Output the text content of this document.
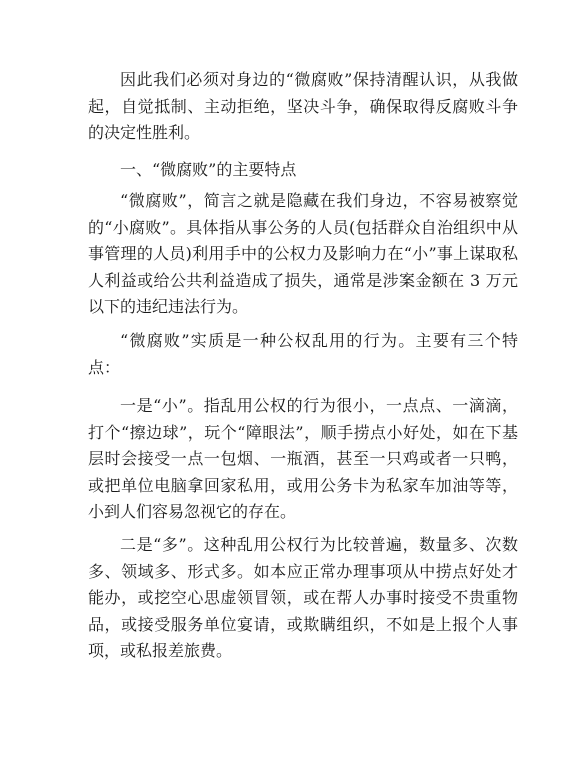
因此我们必须对身边的“微腐败”保持清醒认识，从我做起，自觉抵制、主动拒绝，坚决斗争，确保取得反腐败斗争的决定性胜利。

一、“微腐败”的主要特点

“微腐败”，简言之就是隐藏在我们身边，不容易被察觉的“小腐败”。具体指从事公务的人员(包括群众自治组织中从事管理的人员)利用手中的公权力及影响力在“小”事上谋取私人利益或给公共利益造成了损失，通常是涉案金额在 3 万元以下的违纪违法行为。

“微腐败”实质是一种公权乱用的行为。主要有三个特点：

一是“小”。指乱用公权的行为很小，一点点、一滴滴，打个“擦边球”，玩个“障眼法”，顺手捞点小好处，如在下基层时会接受一点一包烟、一瓶酒，甚至一只鸡或者一只鸭，或把单位电脑拿回家私用，或用公务卡为私家车加油等等，小到人们容易忽视它的存在。

二是“多”。这种乱用公权行为比较普遍，数量多、次数多、领域多、形式多。如本应正常办理事项从中捞点好处才能办，或挖空心思虚领冒领，或在帮人办事时接受不贵重物品，或接受服务单位宴请，或欺瞒组织，不如是上报个人事项，或私报差旅费。
